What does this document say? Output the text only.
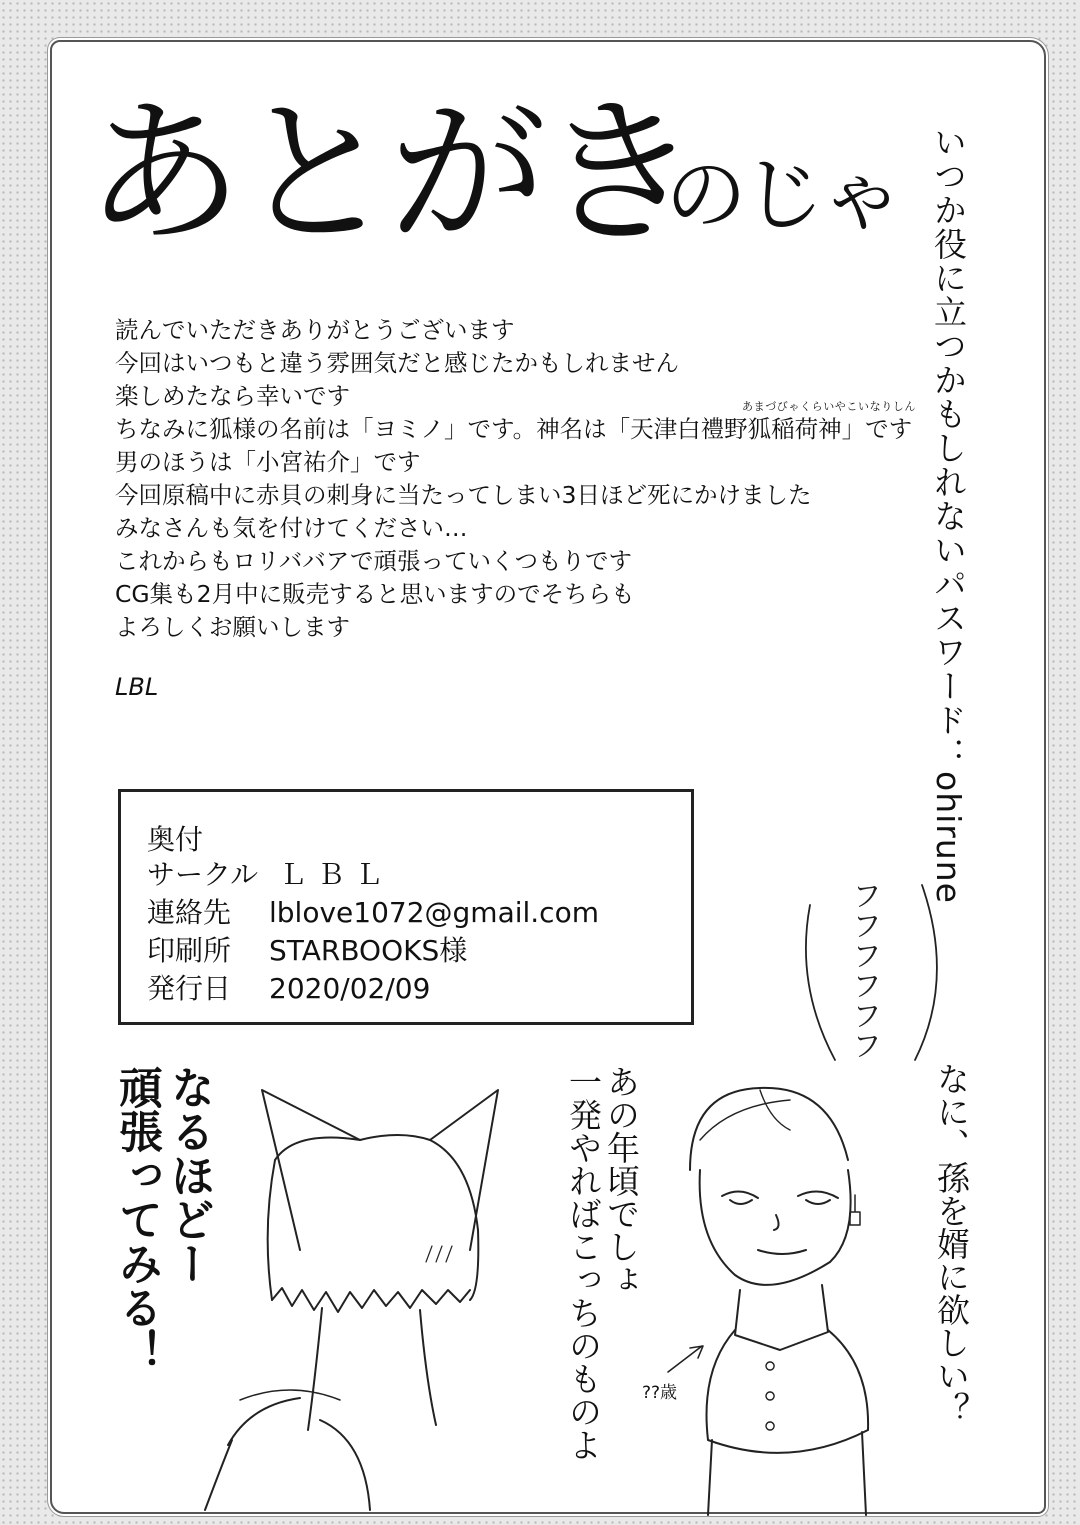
あとがき
のじゃ いつか役に立つかもしれないパスワード：ohirune
読んでいただきありがとうございます
今回はいつもと違う雰囲気だと感じたかもしれません
楽しめたなら幸いです	あまづびゃくらいやこいなりしん
ちなみに狐様の名前は「ヨミノ」です。神名は「天津白禮野狐稲荷神」です
男のほうは「小宮祐介」です
今回原稿中に赤貝の刺身に当たってしまい3日ほど死にかけました
みなさんも気を付けてください…
これからもロリババアで頑張っていくつもりです
CG集も2月中に販売すると思いますのでそちらも
よろしくお願いします
LBL
奥付
サークル ＬＢＬ
連絡先 lblove1072@gmail.com
印刷所 STARBOOKS様
発行日 2020/02/09
頑張ってみる！ なるほどー	一発やればこっちのものよ あの年頃でしょ	なに、孫を婿に欲しい？
フフフフフフ
??歳
